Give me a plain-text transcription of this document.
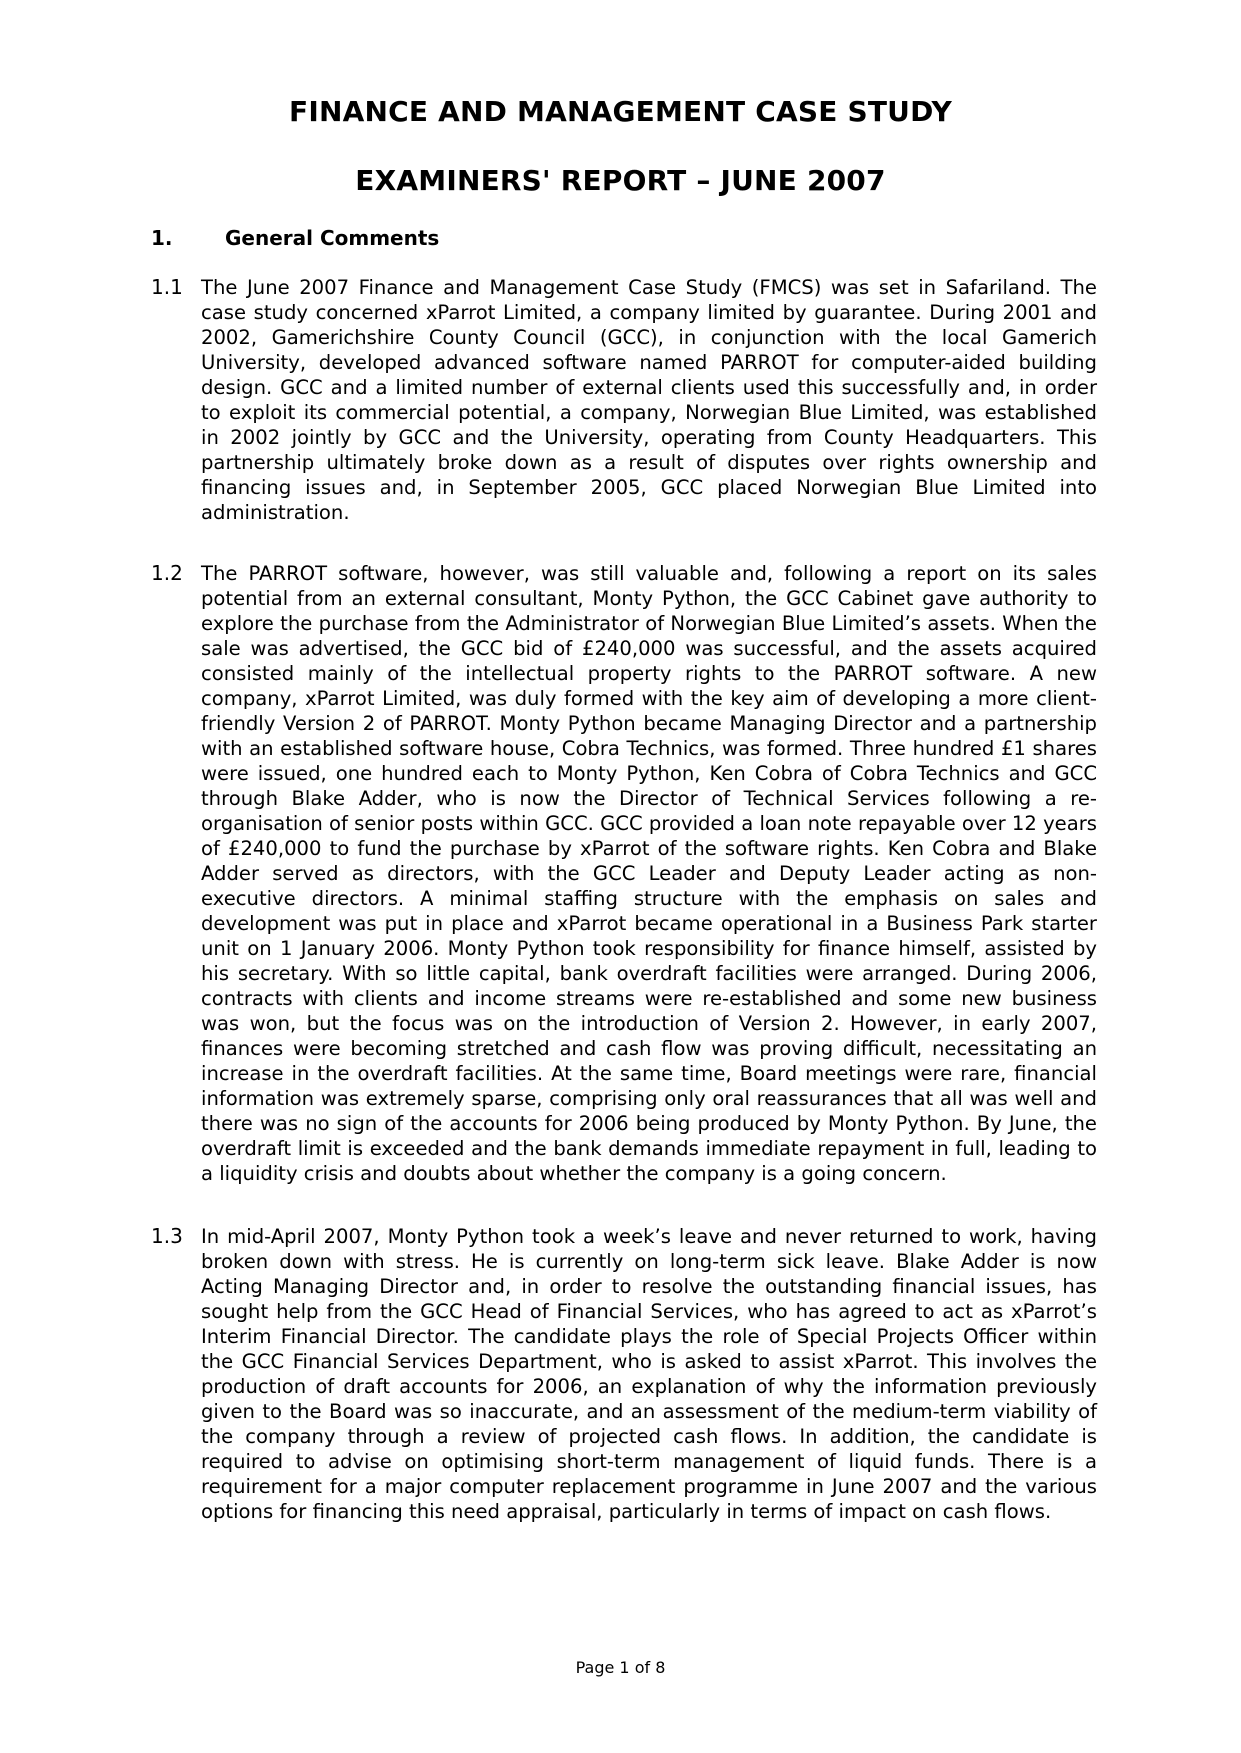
FINANCE AND MANAGEMENT CASE STUDY
EXAMINERS' REPORT – JUNE 2007
1.	General Comments
1.1 The June 2007 Finance and Management Case Study (FMCS) was set in Safariland. The case study concerned xParrot Limited, a company limited by guarantee. During 2001 and 2002, Gamerichshire County Council (GCC), in conjunction with the local Gamerich University, developed advanced software named PARROT for computer-aided building design. GCC and a limited number of external clients used this successfully and, in order to exploit its commercial potential, a company, Norwegian Blue Limited, was established in 2002 jointly by GCC and the University, operating from County Headquarters. This partnership ultimately broke down as a result of disputes over rights ownership and financing issues and, in September 2005, GCC placed Norwegian Blue Limited into administration.
1.2 The PARROT software, however, was still valuable and, following a report on its sales potential from an external consultant, Monty Python, the GCC Cabinet gave authority to explore the purchase from the Administrator of Norwegian Blue Limited’s assets. When the sale was advertised, the GCC bid of £240,000 was successful, and the assets acquired consisted mainly of the intellectual property rights to the PARROT software. A new company, xParrot Limited, was duly formed with the key aim of developing a more client-friendly Version 2 of PARROT. Monty Python became Managing Director and a partnership with an established software house, Cobra Technics, was formed. Three hundred £1 shares were issued, one hundred each to Monty Python, Ken Cobra of Cobra Technics and GCC through Blake Adder, who is now the Director of Technical Services following a re-organisation of senior posts within GCC. GCC provided a loan note repayable over 12 years of £240,000 to fund the purchase by xParrot of the software rights. Ken Cobra and Blake Adder served as directors, with the GCC Leader and Deputy Leader acting as non-executive directors. A minimal staffing structure with the emphasis on sales and development was put in place and xParrot became operational in a Business Park starter unit on 1 January 2006. Monty Python took responsibility for finance himself, assisted by his secretary. With so little capital, bank overdraft facilities were arranged. During 2006, contracts with clients and income streams were re-established and some new business was won, but the focus was on the introduction of Version 2. However, in early 2007, finances were becoming stretched and cash flow was proving difficult, necessitating an increase in the overdraft facilities. At the same time, Board meetings were rare, financial information was extremely sparse, comprising only oral reassurances that all was well and there was no sign of the accounts for 2006 being produced by Monty Python. By June, the overdraft limit is exceeded and the bank demands immediate repayment in full, leading to a liquidity crisis and doubts about whether the company is a going concern.
1.3 In mid-April 2007, Monty Python took a week’s leave and never returned to work, having broken down with stress. He is currently on long-term sick leave. Blake Adder is now Acting Managing Director and, in order to resolve the outstanding financial issues, has sought help from the GCC Head of Financial Services, who has agreed to act as xParrot’s Interim Financial Director. The candidate plays the role of Special Projects Officer within the GCC Financial Services Department, who is asked to assist xParrot. This involves the production of draft accounts for 2006, an explanation of why the information previously given to the Board was so inaccurate, and an assessment of the medium-term viability of the company through a review of projected cash flows. In addition, the candidate is required to advise on optimising short-term management of liquid funds. There is a requirement for a major computer replacement programme in June 2007 and the various options for financing this need appraisal, particularly in terms of impact on cash flows.
Page 1 of 8
